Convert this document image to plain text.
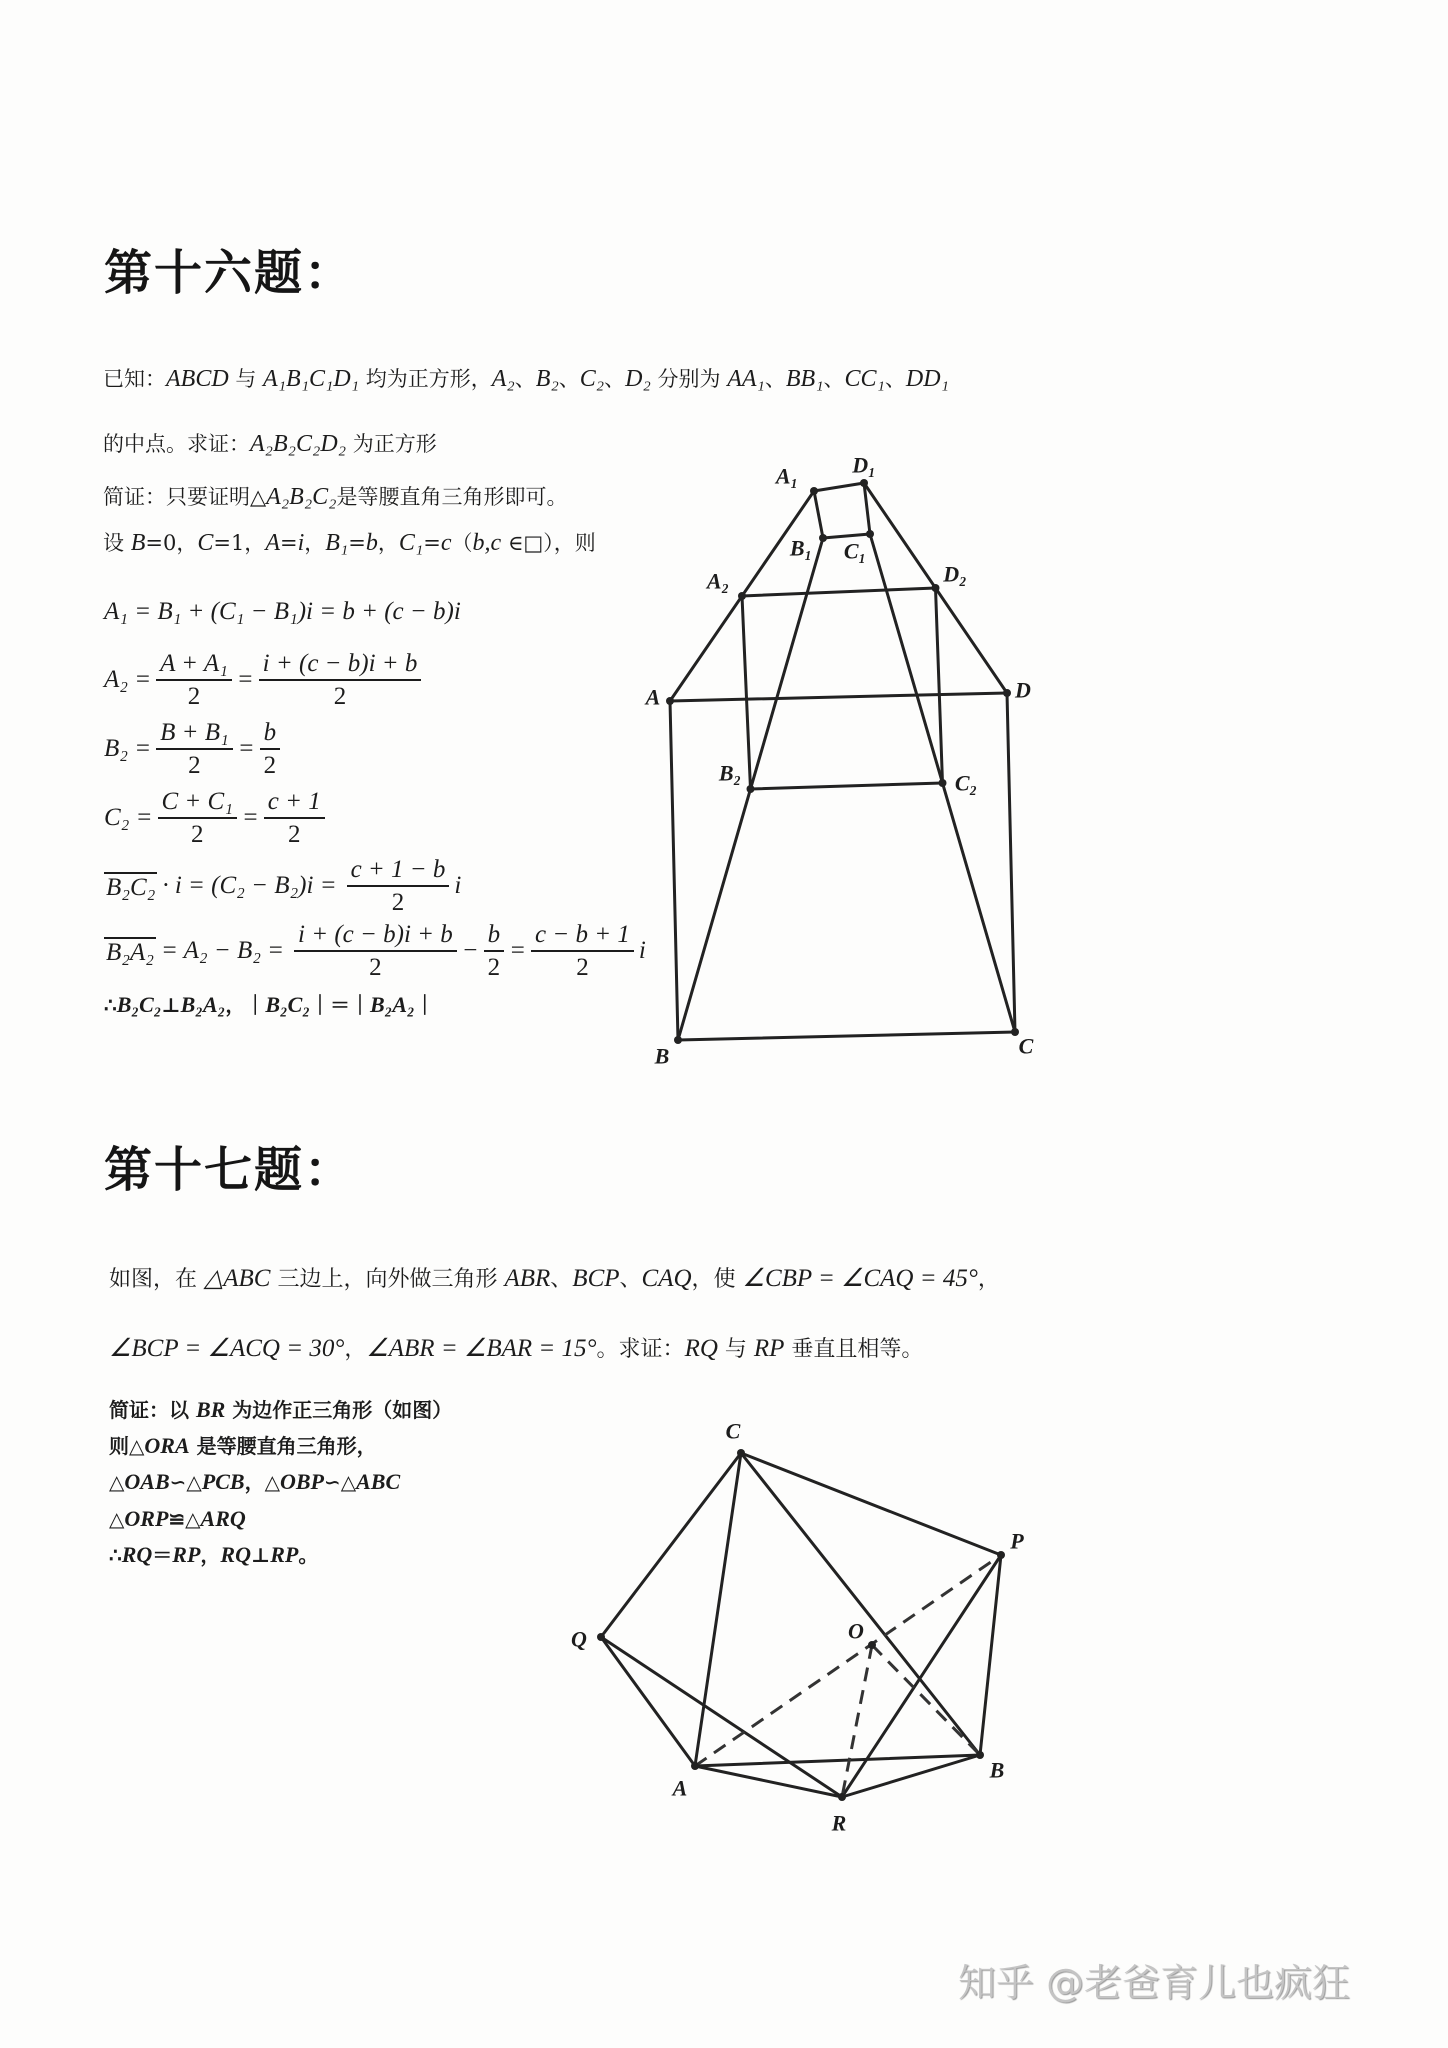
第十六题：
已知：ABCD 与 A₁B₁C₁D₁ 均为正方形，A₂、B₂、C₂、D₂ 分别为 AA₁、BB₁、CC₁、DD₁
的中点。求证：A₂B₂C₂D₂ 为正方形
简证：只要证明△A₂B₂C₂是等腰直角三角形即可。
设 B=0，C=1，A=i，B₁=b，C₁=c（b,c ∈□），则
A₁ = B₁ + (C₁ − B₁)i = b + (c − b)i
$A_2 = \frac{\text{A + A₁}}{2} = \frac{i + (c - b)i + b}{2}$
$B_2 = \frac{\text{B + B₁}}{2} = \frac{b}{2}$
$C_2 = \frac{\text{C + C₁}}{2} = \frac{c + 1}{2}$
$B_2C_2 \cdot i = (C_2 - B_2)i = \frac{c + 1 - b}{2}$ i
$B_2A_2 = A_2 - B_2 = \frac{i + (c - b)i + b}{2} - \frac{b}{2} = \frac{c - b + 1}{2}$ i
∴B₂C₂⊥B₂A₂，｜B₂C₂｜＝｜B₂A₂｜
第十七题：
如图，在 △ABC 三边上，向外做三角形 ABR、BCP、CAQ，使 ∠CBP = ∠CAQ = 45°，
∠BCP = ∠ACQ = 30°，∠ABR = ∠BAR = 15°。求证：RQ 与 RP 垂直且相等。
简证：以 BR 为边作正三角形（如图）
则△ORA 是等腰直角三角形，
△OAB∽△PCB，△OBP∽△ABC
△ORP≌△ARQ
∴RQ＝RP，RQ⊥RP。
A₁ D₁
B₁ C₁
A₂	D₂
A	D
B₂	C₂
B	C
C
P
Q	O
A
B
R
知乎 @老爸育儿也疯狂
